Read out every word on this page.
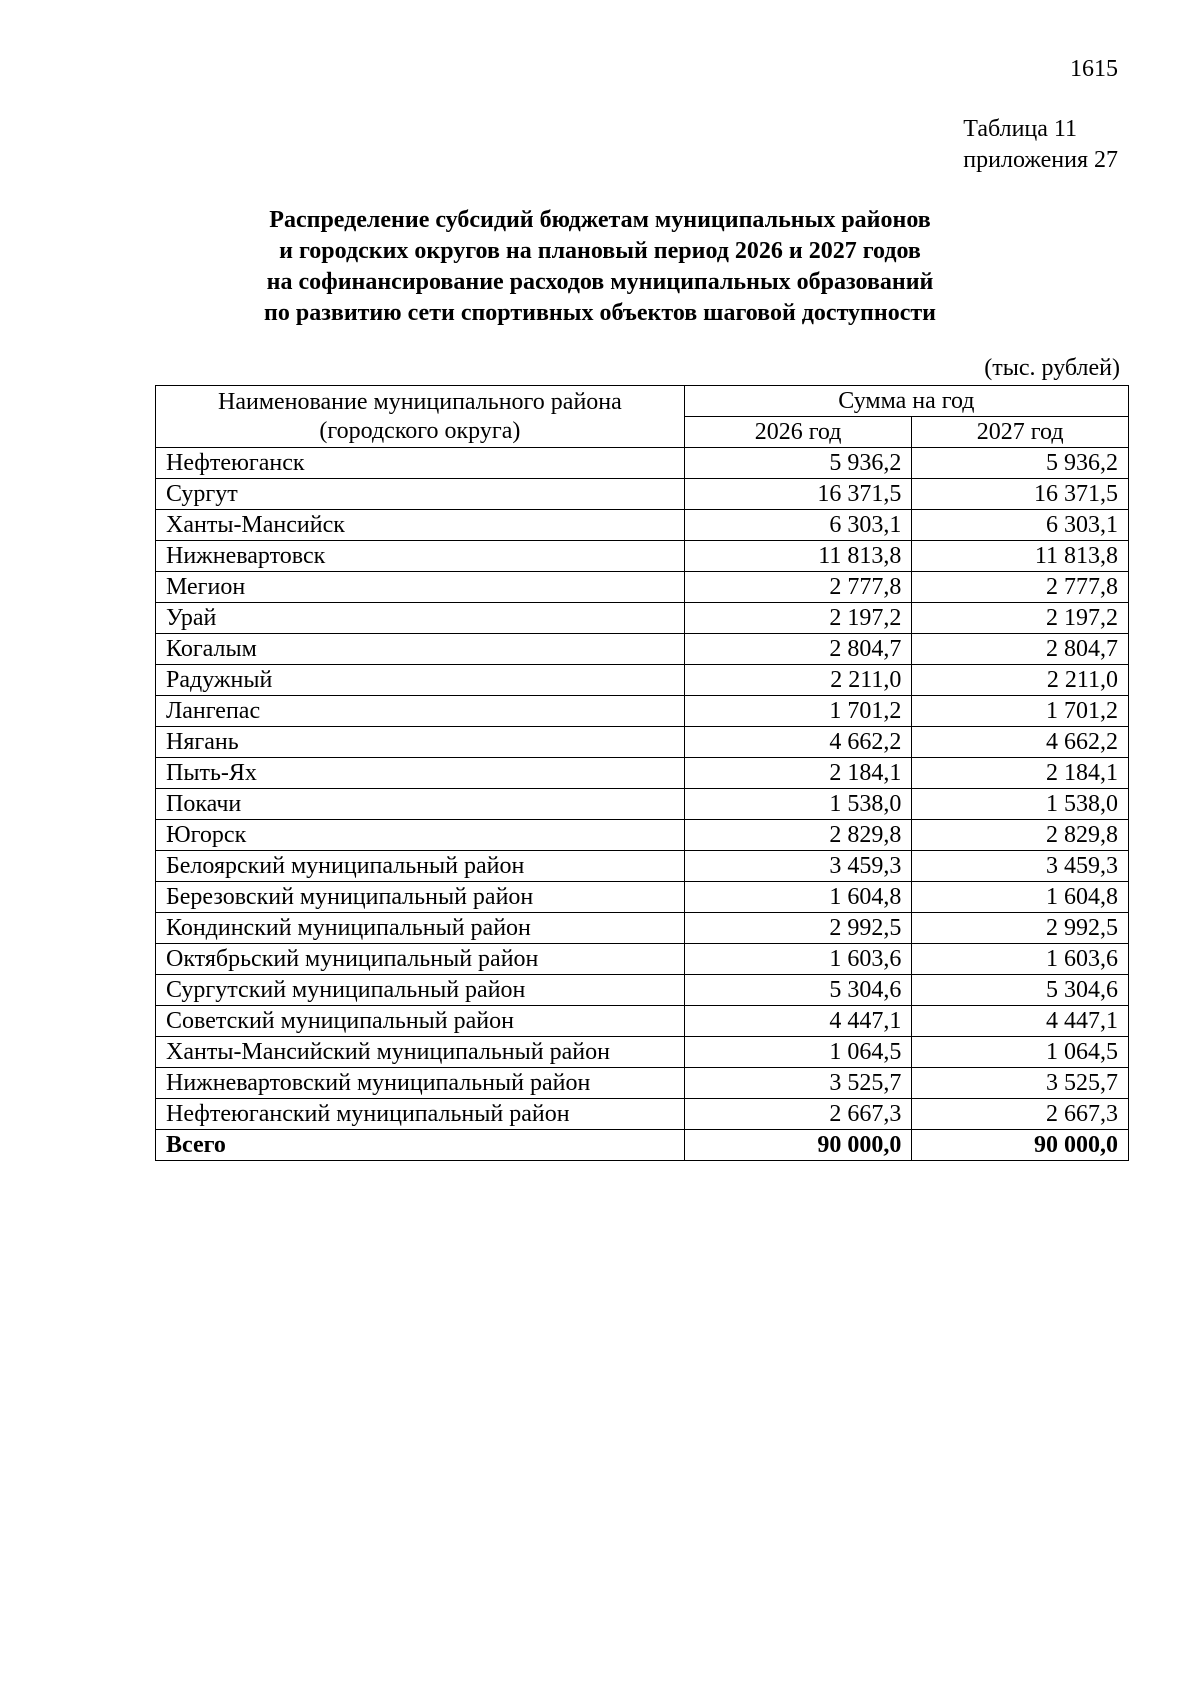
1615
Таблица 11
приложения 27
Распределение субсидий бюджетам муниципальных районов
и городских округов на плановый период 2026 и 2027 годов
на софинансирование расходов муниципальных образований
по развитию сети спортивных объектов шаговой доступности
(тыс. рублей)
Наименование муниципального района
(городского округа)	Сумма на год	
	2026 год	2027 год
Нефтеюганск	5 936,2	5 936,2
Сургут	16 371,5	16 371,5
Ханты-Мансийск	6 303,1	6 303,1
Нижневартовск	11 813,8	11 813,8
Мегион	2 777,8	2 777,8
Урай	2 197,2	2 197,2
Когалым	2 804,7	2 804,7
Радужный	2 211,0	2 211,0
Лангепас	1 701,2	1 701,2
Нягань	4 662,2	4 662,2
Пыть-Ях	2 184,1	2 184,1
Покачи	1 538,0	1 538,0
Югорск	2 829,8	2 829,8
Белоярский муниципальный район	3 459,3	3 459,3
Березовский муниципальный район	1 604,8	1 604,8
Кондинский муниципальный район	2 992,5	2 992,5
Октябрьский муниципальный район	1 603,6	1 603,6
Сургутский муниципальный район	5 304,6	5 304,6
Советский муниципальный район	4 447,1	4 447,1
Ханты-Мансийский муниципальный район	1 064,5	1 064,5
Нижневартовский муниципальный район	3 525,7	3 525,7
Нефтеюганский муниципальный район	2 667,3	2 667,3
Всего	90 000,0	90 000,0
